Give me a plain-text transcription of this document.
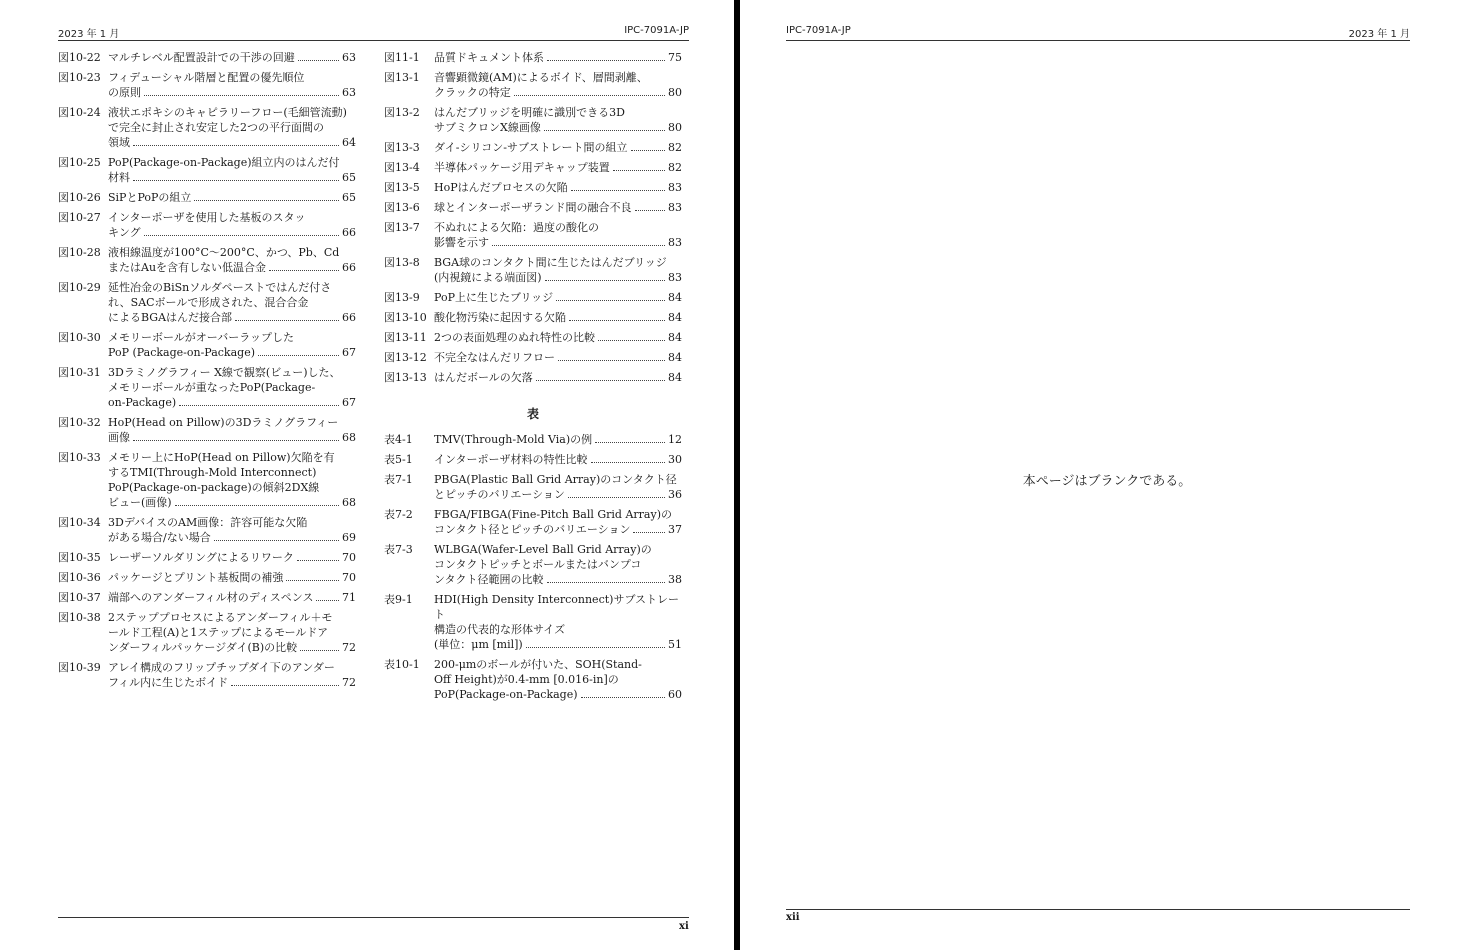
2023 年 1 月	IPC-7091A-JP
図10-22 マルチレベル配置設計での干渉の回避	63
図10-23 フィデューシャル階層と配置の優先順位
の原則	63
図10-24 液状エポキシのキャピラリーフロー(毛細管流動)
で完全に封止され安定した2つの平行面間の
領域	64
図10-25 PoP(Package-on-Package)組立内のはんだ付
材料	65
図10-26 SiPとPoPの組立	65
図10-27 インターポーザを使用した基板のスタッ
キング	66
図10-28 液相線温度が100°C～200°C、かつ、Pb、Cd
またはAuを含有しない低温合金	66
図10-29 延性冶金のBiSnソルダペーストではんだ付さ
れ、SACボールで形成された、混合合金
によるBGAはんだ接合部	66
図10-30 メモリーボールがオーバーラップした
PoP (Package-on-Package)	67
図10-31 3Dラミノグラフィー X線で観察(ビュー)した、
メモリーボールが重なったPoP(Package-
on-Package)	67
図10-32 HoP(Head on Pillow)の3Dラミノグラフィー
画像	68
図10-33 メモリー上にHoP(Head on Pillow)欠陥を有
するTMI(Through-Mold Interconnect)
PoP(Package-on-package)の傾斜2DX線
ビュー(画像)	68
図10-34 3DデバイスのAM画像：許容可能な欠陥
がある場合/ない場合	69
図10-35 レーザーソルダリングによるリワーク	70
図10-36 パッケージとプリント基板間の補強	70
図10-37 端部へのアンダーフィル材のディスペンス	71
図10-38 2ステッププロセスによるアンダーフィル＋モ
ールド工程(A)と1ステップによるモールドア
ンダーフィルパッケージダイ(B)の比較	72
図10-39 アレイ構成のフリップチップダイ下のアンダー
フィル内に生じたボイド	72
図11-1 品質ドキュメント体系	75
図13-1 音響顕微鏡(AM)によるボイド、層間剥離、
クラックの特定	80
図13-2 はんだブリッジを明確に識別できる3D
サブミクロンX線画像	80
図13-3 ダイ-シリコン-サブストレート間の組立	82
図13-4 半導体パッケージ用デキャップ装置	82
図13-5 HoPはんだプロセスの欠陥	83
図13-6 球とインターポーザランド間の融合不良	83
図13-7 不ぬれによる欠陥：過度の酸化の
影響を示す	83
図13-8 BGA球のコンタクト間に生じたはんだブリッジ
(内視鏡による端面図)	83
図13-9 PoP上に生じたブリッジ	84
図13-10 酸化物汚染に起因する欠陥	84
図13-11 2つの表面処理のぬれ特性の比較	84
図13-12 不完全なはんだリフロー	84
図13-13 はんだボールの欠落	84
表
表4-1 TMV(Through-Mold Via)の例	12
表5-1 インターポーザ材料の特性比較	30
表7-1 PBGA(Plastic Ball Grid Array)のコンタクト径
とピッチのバリエーション	36
表7-2 FBGA/FIBGA(Fine-Pitch Ball Grid Array)の
コンタクト径とピッチのバリエーション	37
表7-3 WLBGA(Wafer-Level Ball Grid Array)の
コンタクトピッチとボールまたはバンプコ
ンタクト径範囲の比較	38
表9-1 HDI(High Density Interconnect)サブストレート
構造の代表的な形体サイズ
(単位：μm [mil])	51
表10-1 200-μmのボールが付いた、SOH(Stand-
Off Height)が0.4-mm [0.016-in]の
PoP(Package-on-Package)	60
xi
IPC-7091A-JP	2023 年 1 月
本ページはブランクである。
xii
